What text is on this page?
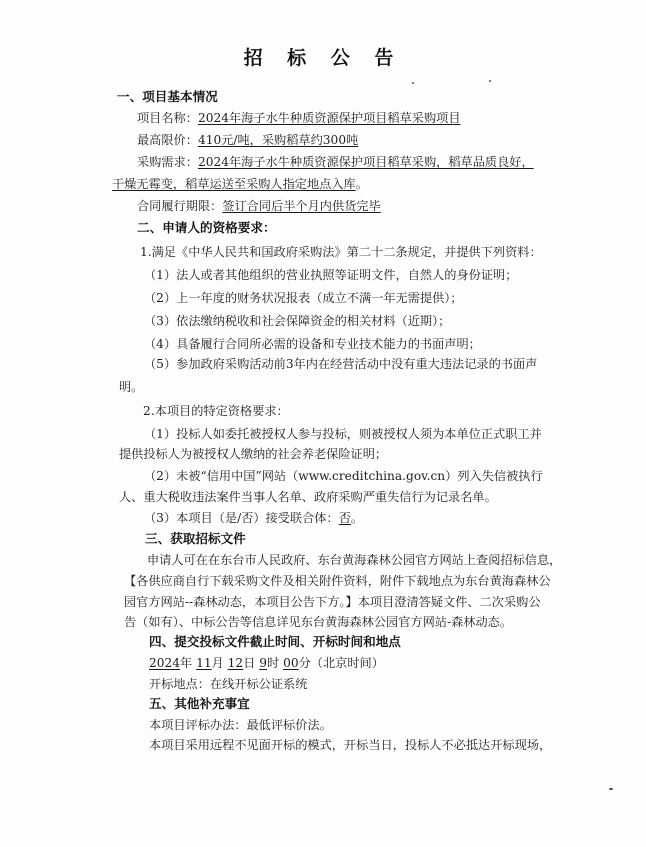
招 标 公 告
一、项目基本情况
项目名称：2024年海子水牛种质资源保护项目稻草采购项目
最高限价：410元/吨，采购稻草约300吨
采购需求：2024年海子水牛种质资源保护项目稻草采购，稻草品质良好，
干燥无霉变，稻草运送至采购人指定地点入库。
合同履行期限：签订合同后半个月内供货完毕
二、申请人的资格要求：
1.满足《中华人民共和国政府采购法》第二十二条规定，并提供下列资料：
（1）法人或者其他组织的营业执照等证明文件，自然人的身份证明；
（2）上一年度的财务状况报表（成立不满一年无需提供）；
（3）依法缴纳税收和社会保障资金的相关材料（近期）；
（4）具备履行合同所必需的设备和专业技术能力的书面声明；
（5）参加政府采购活动前3年内在经营活动中没有重大违法记录的书面声
明。
2.本项目的特定资格要求：
（1）投标人如委托被授权人参与投标，则被授权人须为本单位正式职工并
提供投标人为被授权人缴纳的社会养老保险证明；
（2）未被“信用中国”网站（www.creditchina.gov.cn）列入失信被执行
人、重大税收违法案件当事人名单、政府采购严重失信行为记录名单。
（3）本项目（是/否）接受联合体：否。
三、获取招标文件
申请人可在在东台市人民政府、东台黄海森林公园官方网站上查阅招标信息，
【各供应商自行下载采购文件及相关附件资料，附件下载地点为东台黄海森林公
园官方网站--森林动态，本项目公告下方。】本项目澄清答疑文件、二次采购公
告（如有）、中标公告等信息详见东台黄海森林公园官方网站-森林动态。
四、提交投标文件截止时间、开标时间和地点
2024年 11月 12日 9时 00分（北京时间）
开标地点：在线开标公证系统
五、其他补充事宜
本项目评标办法：最低评标价法。
本项目采用远程不见面开标的模式，开标当日，投标人不必抵达开标现场，
